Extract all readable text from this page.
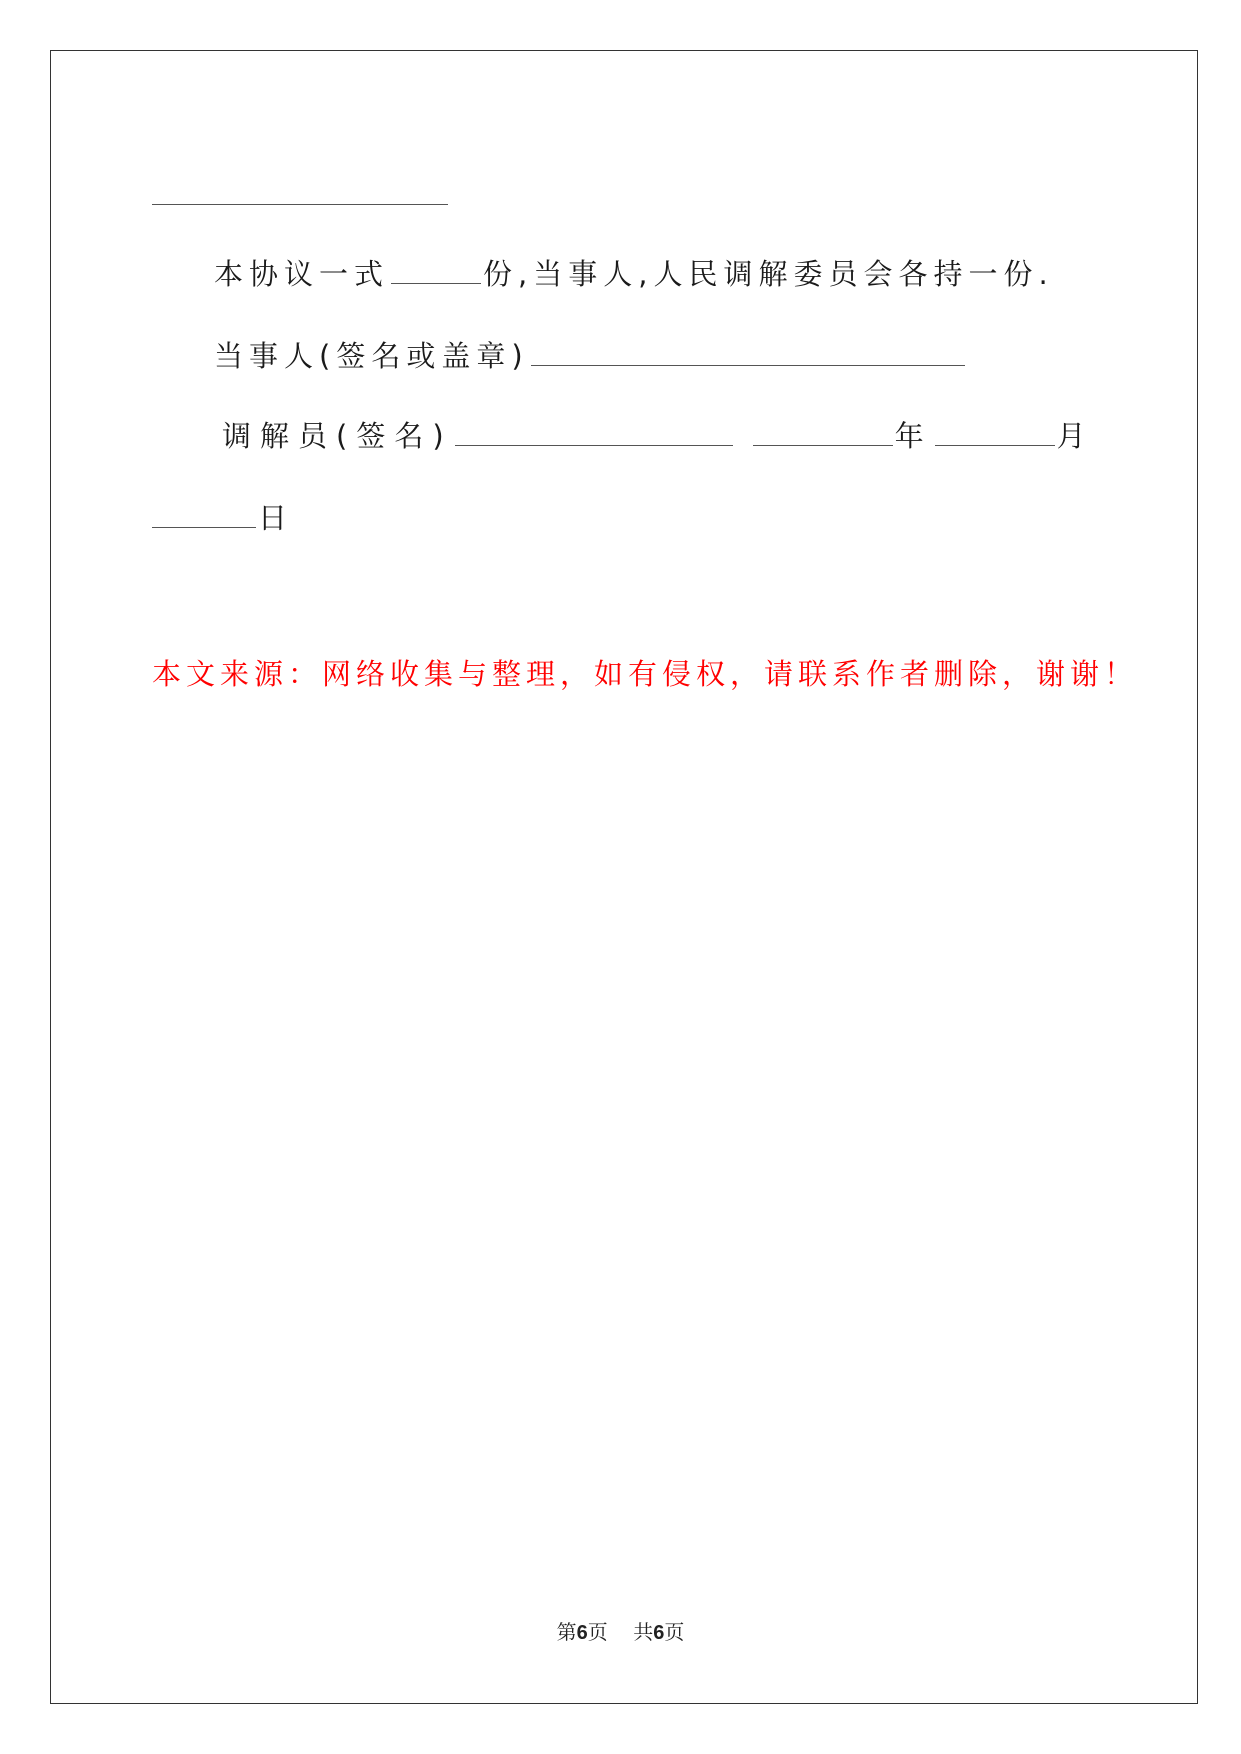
本协议一式	份,当事人,人民调解委员会各持一份.
当事人(签名或盖章)
调解员(签名)	年	月
日
本文来源：网络收集与整理，如有侵权，请联系作者删除，谢谢！
第6页 共6页
